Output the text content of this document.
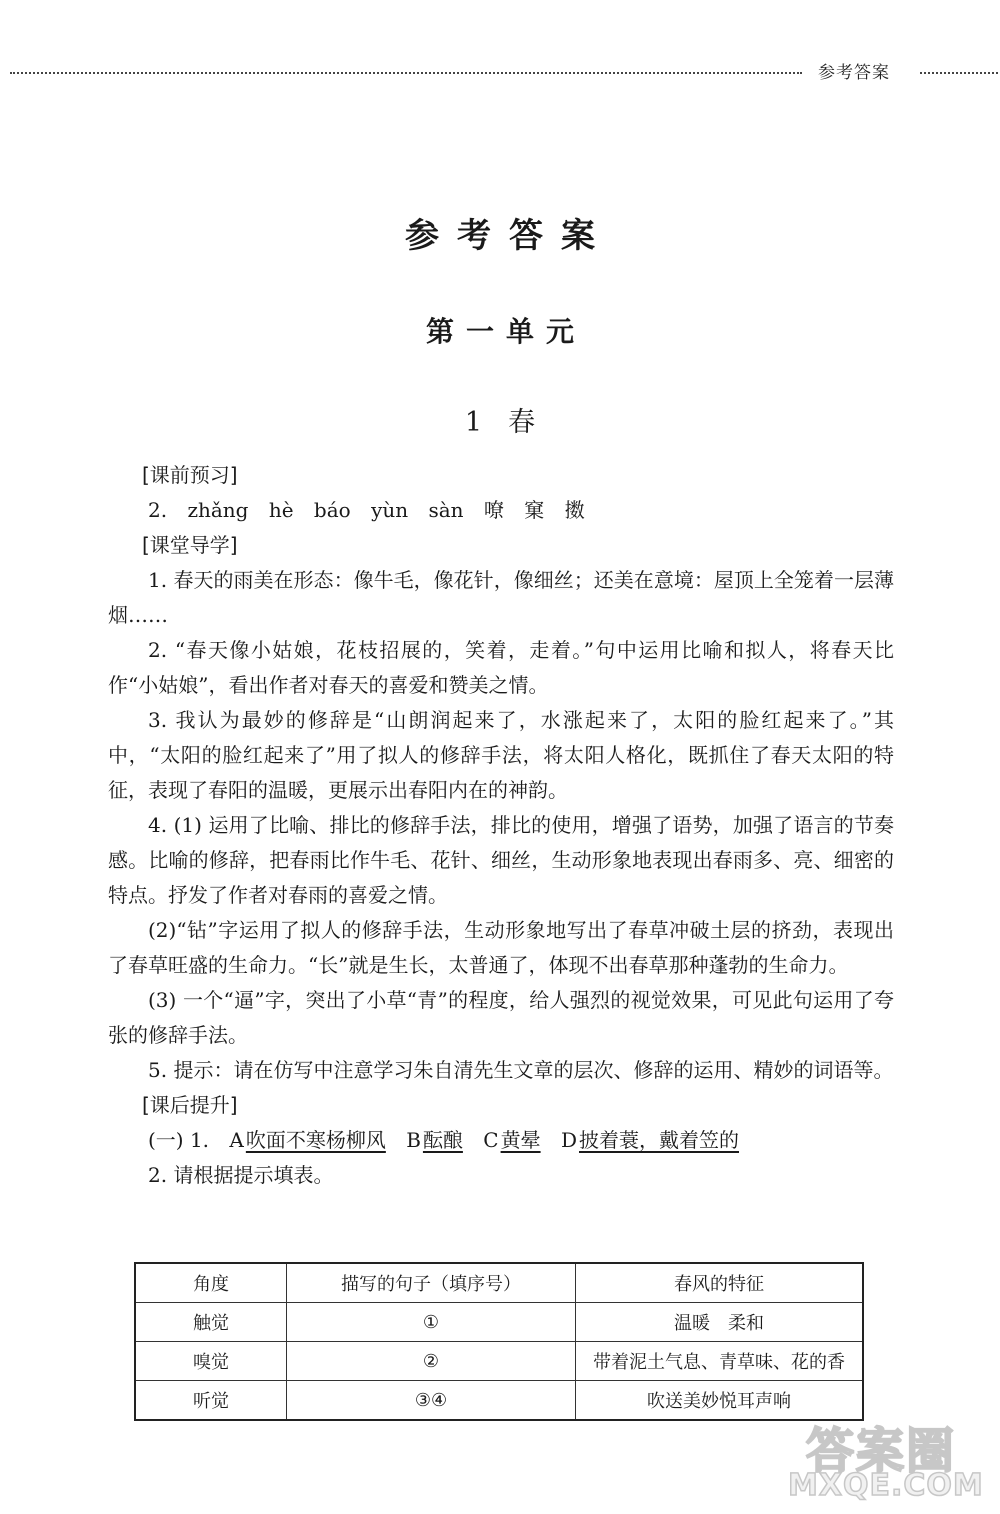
参考答案
参考答案
第一单元
1 春
[课前预习]
2. zhǎng hè báo yùn sàn 嘹 窠 擞
[课堂导学]
1. 春天的雨美在形态：像牛毛，像花针，像细丝；还美在意境：屋顶上全笼着一层薄烟……
2. “春天像小姑娘，花枝招展的，笑着，走着。”句中运用比喻和拟人，将春天比作“小姑娘”，看出作者对春天的喜爱和赞美之情。
3. 我认为最妙的修辞是“山朗润起来了，水涨起来了，太阳的脸红起来了。”其中，“太阳的脸红起来了”用了拟人的修辞手法，将太阳人格化，既抓住了春天太阳的特征，表现了春阳的温暖，更展示出春阳内在的神韵。
4. (1) 运用了比喻、排比的修辞手法，排比的使用，增强了语势，加强了语言的节奏感。比喻的修辞，把春雨比作牛毛、花针、细丝，生动形象地表现出春雨多、亮、细密的特点。抒发了作者对春雨的喜爱之情。
(2)“钻”字运用了拟人的修辞手法，生动形象地写出了春草冲破土层的挤劲，表现出了春草旺盛的生命力。“长”就是生长，太普通了，体现不出春草那种蓬勃的生命力。
(3) 一个“逼”字，突出了小草“青”的程度，给人强烈的视觉效果，可见此句运用了夸张的修辞手法。
5. 提示：请在仿写中注意学习朱自清先生文章的层次、修辞的运用、精妙的词语等。
[课后提升]
(一) 1. A 吹面不寒杨柳风 B 酝酿 C 黄晕 D 披着蓑，戴着笠的
2. 请根据提示填表。
角度	描写的句子（填序号）	春风的特征
触觉	①	温暖　柔和
嗅觉	②	带着泥土气息、青草味、花的香
听觉	③④	吹送美妙悦耳声响
答案圈
MXQE.COM
